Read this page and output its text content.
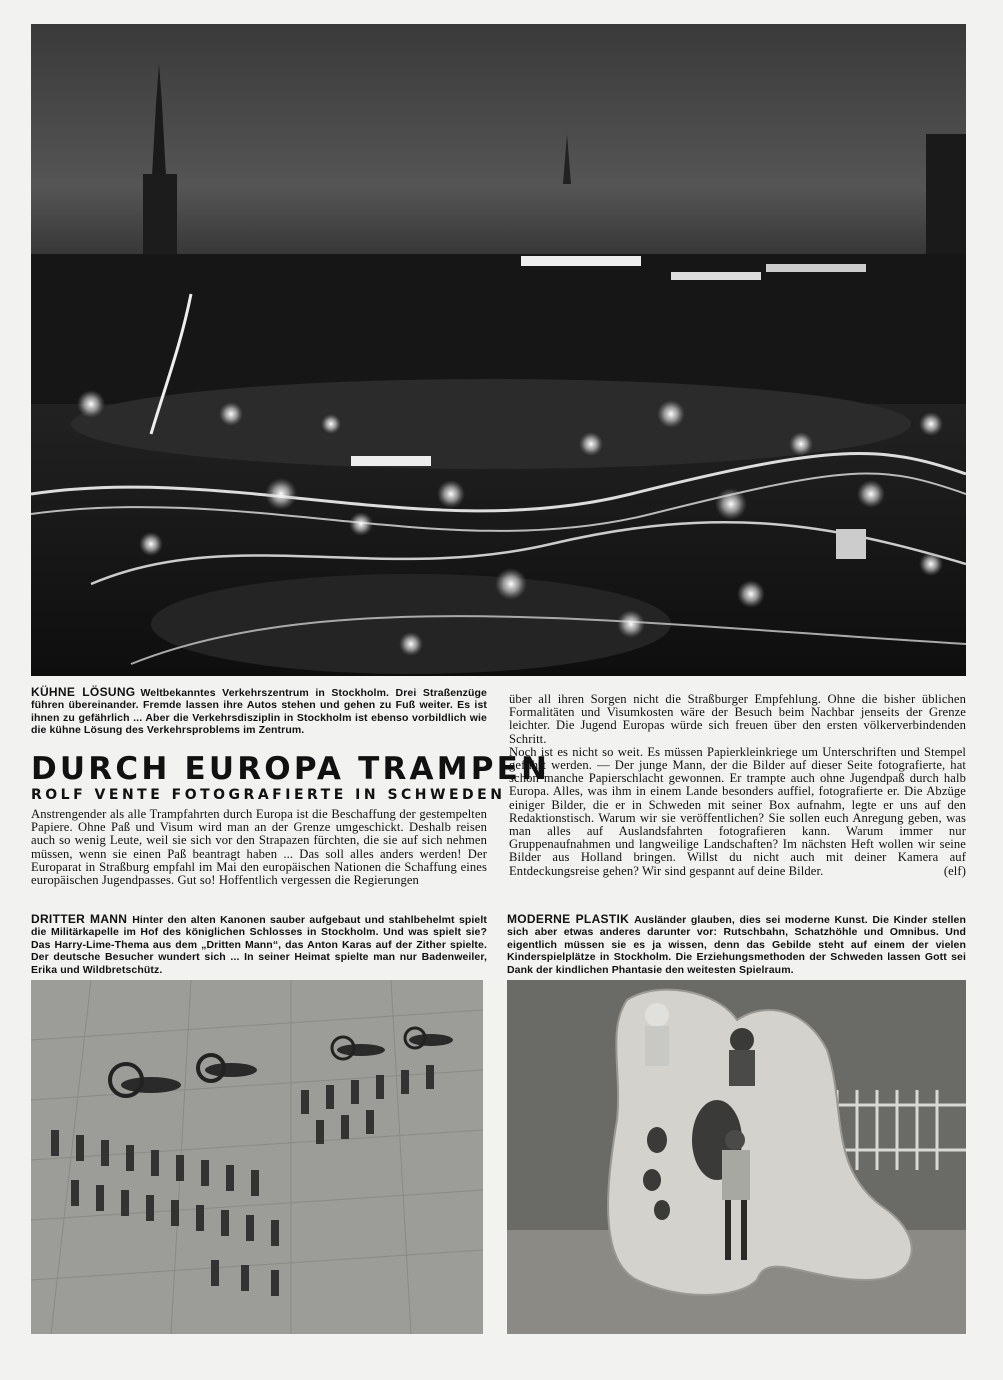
KÜHNE LÖSUNG Weltbekanntes Verkehrszentrum in Stockholm. Drei Straßenzüge führen übereinander. Fremde lassen ihre Autos stehen und gehen zu Fuß weiter. Es ist ihnen zu gefährlich ... Aber die Verkehrsdisziplin in Stockholm ist ebenso vorbildlich wie die kühne Lösung des Verkehrsproblems im Zentrum.
DURCH EUROPA TRAMPEN
ROLF VENTE FOTOGRAFIERTE IN SCHWEDEN
Anstrengender als alle Trampfahrten durch Europa ist die Beschaffung der gestempelten Papiere. Ohne Paß und Visum wird man an der Grenze umgeschickt. Deshalb reisen auch so wenig Leute, weil sie sich vor den Strapazen fürchten, die sie auf sich nehmen müssen, wenn sie einen Paß beantragt haben ... Das soll alles anders werden! Der Europarat in Straßburg empfahl im Mai den europäischen Nationen die Schaffung eines europäischen Jugendpasses. Gut so! Hoffentlich vergessen die Regierungen
über all ihren Sorgen nicht die Straßburger Empfehlung. Ohne die bisher üblichen Formalitäten und Visumkosten wäre der Besuch beim Nachbar jenseits der Grenze leichter. Die Jugend Europas würde sich freuen über den ersten völkerverbindenden Schritt.
Noch ist es nicht so weit. Es müssen Papierkleinkriege um Unterschriften und Stempel geführt werden. — Der junge Mann, der die Bilder auf dieser Seite fotografierte, hat schon manche Papierschlacht gewonnen. Er trampte auch ohne Jugendpaß durch halb Europa. Alles, was ihm in einem Lande besonders auffiel, fotografierte er. Die Abzüge einiger Bilder, die er in Schweden mit seiner Box aufnahm, legte er uns auf den Redaktionstisch. Warum wir sie veröffentlichen? Sie sollen euch Anregung geben, was man alles auf Auslandsfahrten fotografieren kann. Warum immer nur Gruppenaufnahmen und langweilige Landschaften? Im nächsten Heft wollen wir seine Bilder aus Holland bringen. Willst du nicht auch mit deiner Kamera auf Entdeckungsreise gehen? Wir sind gespannt auf deine Bilder.	(elf)
DRITTER MANN Hinter den alten Kanonen sauber aufgebaut und stahlbehelmt spielt die Militärkapelle im Hof des königlichen Schlosses in Stockholm. Und was spielt sie? Das Harry-Lime-Thema aus dem „Dritten Mann“, das Anton Karas auf der Zither spielte. Der deutsche Besucher wundert sich ... In seiner Heimat spielte man nur Badenweiler, Erika und Wildbretschütz.
MODERNE PLASTIK Ausländer glauben, dies sei moderne Kunst. Die Kinder stellen sich aber etwas anderes darunter vor: Rutschbahn, Schatzhöhle und Omnibus. Und eigentlich müssen sie es ja wissen, denn das Gebilde steht auf einem der vielen Kinderspielplätze in Stockholm. Die Erziehungsmethoden der Schweden lassen Gott sei Dank der kindlichen Phantasie den weitesten Spielraum.
